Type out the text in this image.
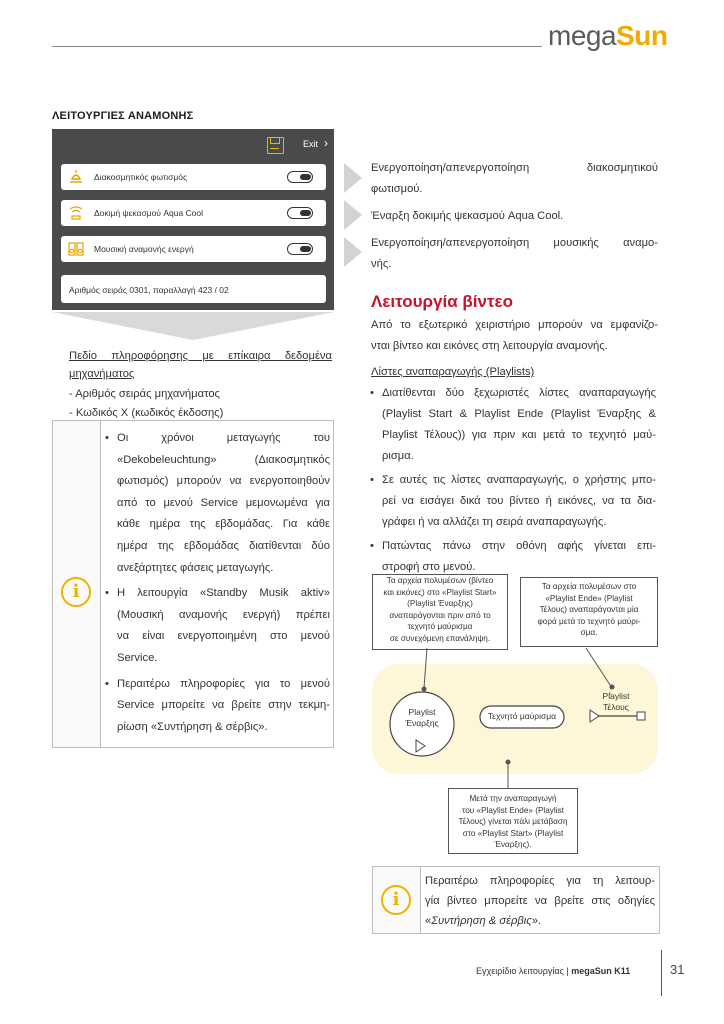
megaSun
ΛΕΙΤΟΥΡΓΙΕΣ ΑΝΑΜΟΝΗΣ
Exit ›
Διακοσμητικός φωτισμός
Δοκιμή ψεκασμού Aqua Cool
Μουσική αναμονής ενεργή
Αριθμός σειράς 0301, παραλλαγή 423 / 02
Ενεργοποίηση/απενεργοποίηση διακοσμητικού
φωτισμού.
Έναρξη δοκιμής ψεκασμού Aqua Cool.
Ενεργοποίηση/απενεργοποίηση μουσικής αναμο-
νής.
Πεδίο πληροφόρησης με επίκαιρα δεδομένα
μηχανήματος
- Αριθμός σειράς μηχανήματος
- Κωδικός X (κωδικός έκδοσης)
i
• Οι χρόνοι μεταγωγής του
«Dekobeleuchtung» (Διακοσμητικός
φωτισμός) μπορούν να ενεργοποιηθούν
από το μενού Service μεμονωμένα για
κάθε ημέρα της εβδομάδας. Για κάθε
ημέρα της εβδομάδας διατίθενται δύο
ανεξάρτητες φάσεις μεταγωγής.
• Η λειτουργία «Standby Musik aktiv»
(Μουσική αναμονής ενεργή) πρέπει
να είναι ενεργοποιημένη στο μενού
Service.
• Περαιτέρω πληροφορίες για το μενού
Service μπορείτε να βρείτε στην τεκμη-
ρίωση «Συντήρηση & σέρβις».
Λειτουργία βίντεο
Από το εξωτερικό χειριστήριο μπορούν να εμφανίζο-
νται βίντεο και εικόνες στη λειτουργία αναμονής.
Λίστες αναπαραγωγής (Playlists)
• Διατίθενται δύο ξεχωριστές λίστες αναπαραγωγής
(Playlist Start & Playlist Ende (Playlist Έναρξης &
Playlist Τέλους)) για πριν και μετά το τεχνητό μαύ-
ρισμα.
• Σε αυτές τις λίστες αναπαραγωγής, ο χρήστης μπο-
ρεί να εισάγει δικά του βίντεο ή εικόνες, να τα δια-
γράφει ή να αλλάζει τη σειρά αναπαραγωγής.
• Πατώντας πάνω στην οθόνη αφής γίνεται επι-
στροφή στο μενού.
Τα αρχεία πολυμέσων (βίντεο
και εικόνες) στο «Playlist Start»
(Playlist Έναρξης)
αναπαράγονται πριν από το
τεχνητό μαύρισμα
σε συνεχόμενη επανάληψη.
Τα αρχεία πολυμέσων στο
«Playlist Ende» (Playlist
Τέλους) αναπαράγονται μία
φορά μετά το τεχνητό μαύρι-
σμα.
Playlist
Έναρξης
Τεχνητό μαύρισμα
Playlist
Τέλους
Μετά την αναπαραγωγή
του «Playlist Ende» (Playlist
Τέλους) γίνεται πάλι μετάβαση
στο «Playlist Start» (Playlist
Έναρξης).
i
Περαιτέρω πληροφορίες για τη λειτουρ-
γία βίντεο μπορείτε να βρείτε στις οδηγίες
«Συντήρηση & σέρβις».
Εγχειρίδιο λειτουργίας | megaSun K11	31
